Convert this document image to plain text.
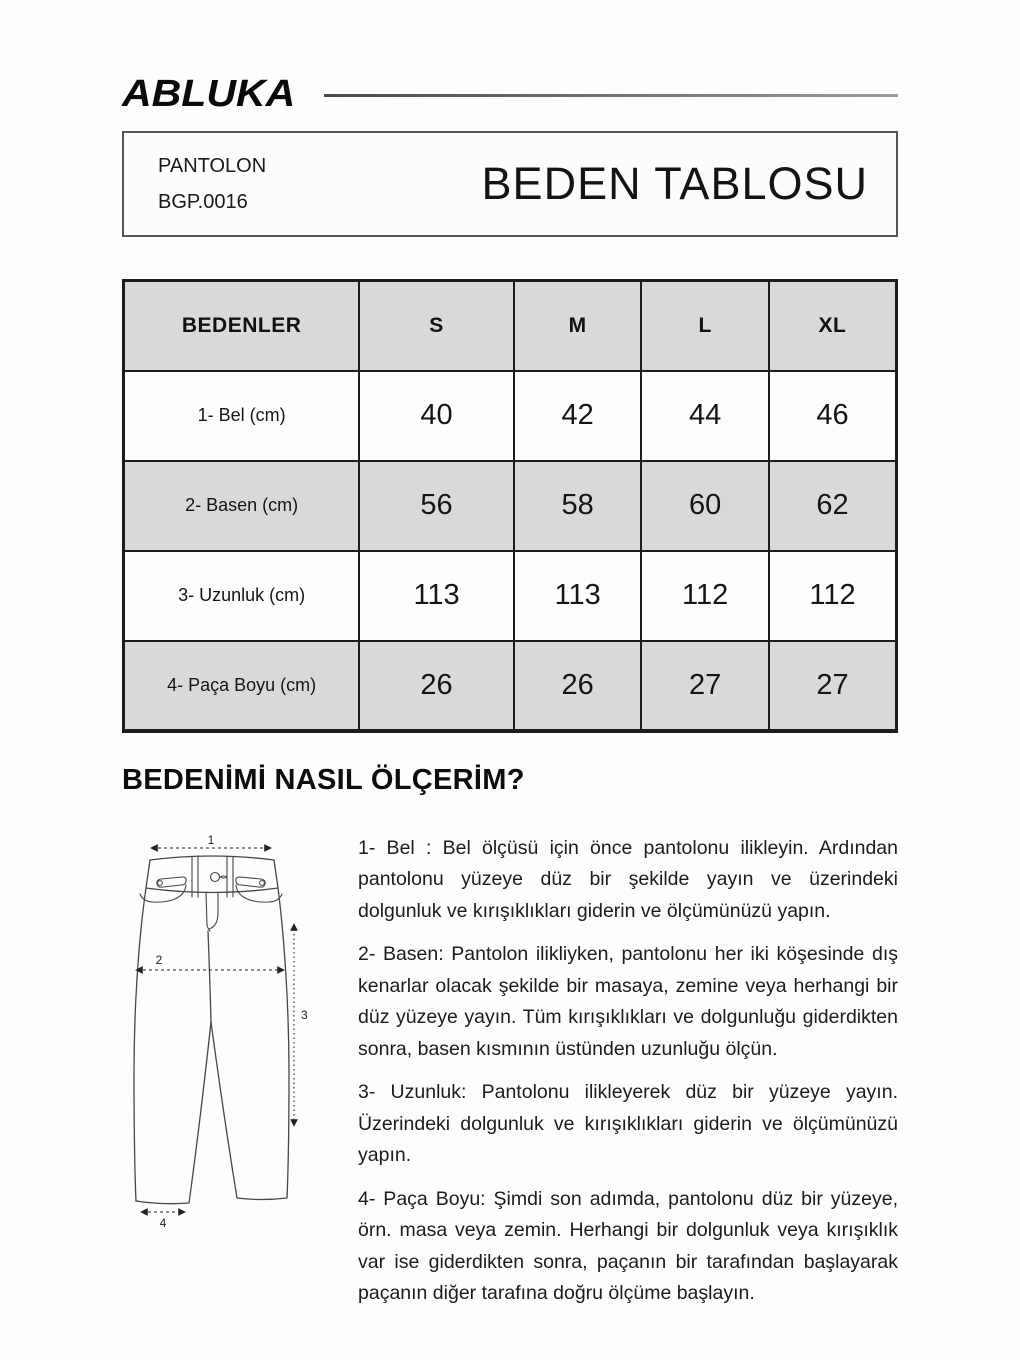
ABLUKA
PANTOLON
BGP.0016	BEDEN TABLOSU
BEDENLER	S	M	L	XL
1- Bel (cm)	40	42	44	46
2- Basen (cm)	56	58	60	62
3- Uzunluk (cm)	113	113	112	112
4- Paça Boyu (cm)	26	26	27	27
BEDENİMİ NASIL ÖLÇERİM?
1
2
3
4

1- Bel : Bel ölçüsü için önce pantolonu ilikleyin. Ardından pantolonu yüzeye düz bir şekilde yayın ve üzerindeki dolgunluk ve kırışıklıkları giderin ve ölçümünüzü yapın.

2- Basen: Pantolon ilikliyken, pantolonu her iki köşesinde dış kenarlar olacak şekilde bir masaya, zemine veya herhangi bir düz yüzeye yayın. Tüm kırışıklıkları ve dolgunluğu giderdikten sonra, basen kısmının üstünden uzunluğu ölçün.

3- Uzunluk: Pantolonu ilikleyerek düz bir yüzeye yayın. Üzerindeki dolgunluk ve kırışıklıkları giderin ve ölçümünüzü yapın.

4- Paça Boyu: Şimdi son adımda, pantolonu düz bir yüzeye, örn. masa veya zemin. Herhangi bir dolgunluk veya kırışıklık var ise giderdikten sonra, paçanın bir tarafından başlayarak paçanın diğer tarafına doğru ölçüme başlayın.
